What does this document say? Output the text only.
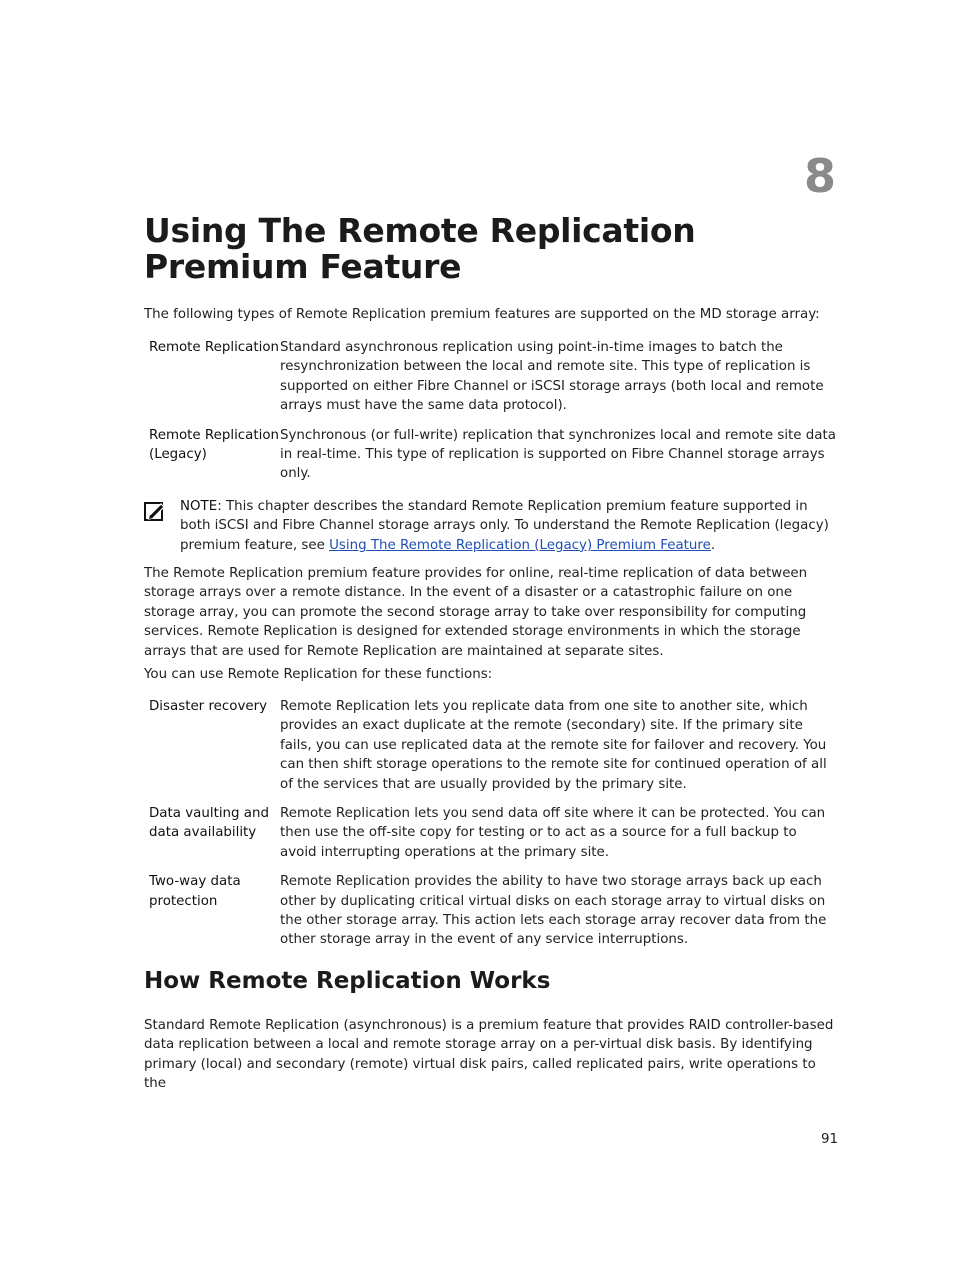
8
Using The Remote Replication Premium Feature

The following types of Remote Replication premium features are supported on the MD storage array:

Remote Replication Standard asynchronous replication using point-in-time images to batch the resynchronization between the local and remote site. This type of replication is supported on either Fibre Channel or iSCSI storage arrays (both local and remote arrays must have the same data protocol).
Remote Replication (Legacy)
Synchronous (or full-write) replication that synchronizes local and remote site data in real-time. This type of replication is supported on Fibre Channel storage arrays only.
NOTE: This chapter describes the standard Remote Replication premium feature supported in both iSCSI and Fibre Channel storage arrays only. To understand the Remote Replication (legacy) premium feature, see Using The Remote Replication (Legacy) Premium Feature.

The Remote Replication premium feature provides for online, real-time replication of data between storage arrays over a remote distance. In the event of a disaster or a catastrophic failure on one storage array, you can promote the second storage array to take over responsibility for computing services. Remote Replication is designed for extended storage environments in which the storage arrays that are used for Remote Replication are maintained at separate sites.

You can use Remote Replication for these functions:

Disaster recovery Remote Replication lets you replicate data from one site to another site, which provides an exact duplicate at the remote (secondary) site. If the primary site fails, you can use replicated data at the remote site for failover and recovery. You can then shift storage operations to the remote site for continued operation of all of the services that are usually provided by the primary site.
Data vaulting and data availability
Remote Replication lets you send data off site where it can be protected. You can then use the off-site copy for testing or to act as a source for a full backup to avoid interrupting operations at the primary site.
Two-way data protection
Remote Replication provides the ability to have two storage arrays back up each other by duplicating critical virtual disks on each storage array to virtual disks on the other storage array. This action lets each storage array recover data from the other storage array in the event of any service interruptions.
How Remote Replication Works

Standard Remote Replication (asynchronous) is a premium feature that provides RAID controller-based data replication between a local and remote storage array on a per-virtual disk basis. By identifying primary (local) and secondary (remote) virtual disk pairs, called replicated pairs, write operations to the

91
